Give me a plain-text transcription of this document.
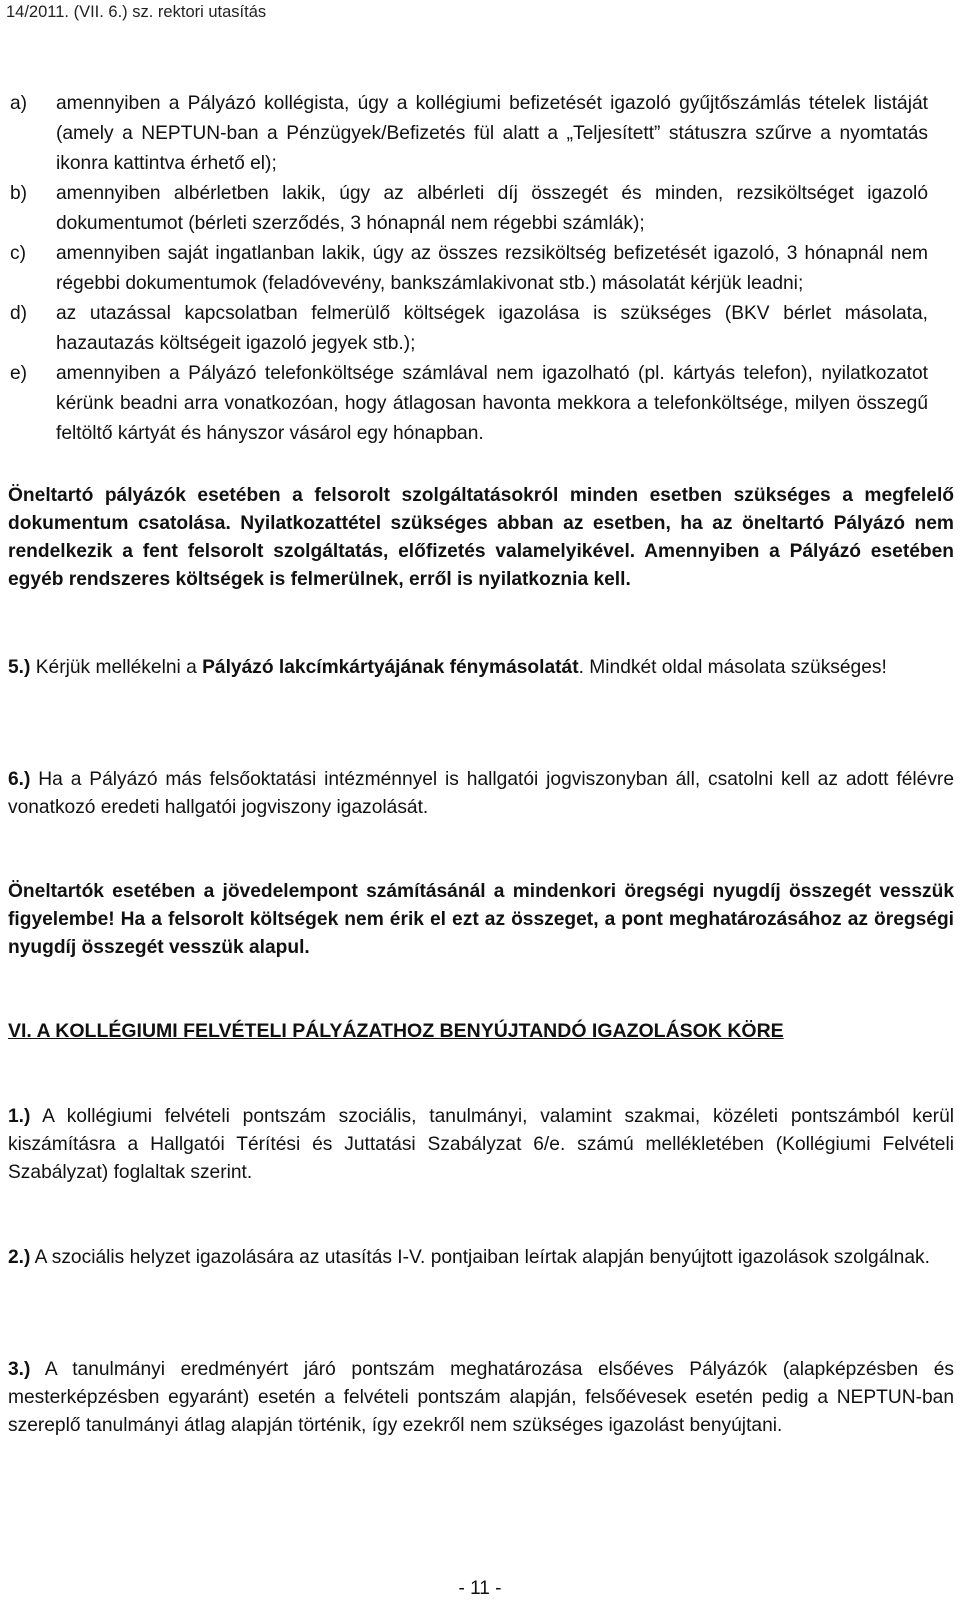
14/2011. (VII. 6.) sz. rektori utasítás
a)	amennyiben a Pályázó kollégista, úgy a kollégiumi befizetését igazoló gyűjtőszámlás tételek listáját (amely a NEPTUN-ban a Pénzügyek/Befizetés fül alatt a „Teljesített” státuszra szűrve a nyomtatás ikonra kattintva érhető el);
b)	amennyiben albérletben lakik, úgy az albérleti díj összegét és minden, rezsiköltséget igazoló dokumentumot (bérleti szerződés, 3 hónapnál nem régebbi számlák);
c)	amennyiben saját ingatlanban lakik, úgy az összes rezsiköltség befizetését igazoló, 3 hónapnál nem régebbi dokumentumok (feladóvevény, bankszámlakivonat stb.) másolatát kérjük leadni;
d)	az utazással kapcsolatban felmerülő költségek igazolása is szükséges (BKV bérlet másolata, hazautazás költségeit igazoló jegyek stb.);
e)	amennyiben a Pályázó telefonköltsége számlával nem igazolható (pl. kártyás telefon), nyilatkozatot kérünk beadni arra vonatkozóan, hogy átlagosan havonta mekkora a telefonköltsége, milyen összegű feltöltő kártyát és hányszor vásárol egy hónapban.

Öneltartó pályázók esetében a felsorolt szolgáltatásokról minden esetben szükséges a megfelelő dokumentum csatolása. Nyilatkozattétel szükséges abban az esetben, ha az öneltartó Pályázó nem rendelkezik a fent felsorolt szolgáltatás, előfizetés valamelyikével. Amennyiben a Pályázó esetében egyéb rendszeres költségek is felmerülnek, erről is nyilatkoznia kell.

5.) Kérjük mellékelni a Pályázó lakcímkártyájának fénymásolatát. Mindkét oldal másolata szükséges!

6.) Ha a Pályázó más felsőoktatási intézménnyel is hallgatói jogviszonyban áll, csatolni kell az adott félévre vonatkozó eredeti hallgatói jogviszony igazolását.

Öneltartók esetében a jövedelempont számításánál a mindenkori öregségi nyugdíj összegét vesszük figyelembe! Ha a felsorolt költségek nem érik el ezt az összeget, a pont meghatározásához az öregségi nyugdíj összegét vesszük alapul.

VI. A KOLLÉGIUMI FELVÉTELI PÁLYÁZATHOZ BENYÚJTANDÓ IGAZOLÁSOK KÖRE

1.) A kollégiumi felvételi pontszám szociális, tanulmányi, valamint szakmai, közéleti pontszámból kerül kiszámításra a Hallgatói Térítési és Juttatási Szabályzat 6/e. számú mellékletében (Kollégiumi Felvételi Szabályzat) foglaltak szerint.

2.) A szociális helyzet igazolására az utasítás I-V. pontjaiban leírtak alapján benyújtott igazolások szolgálnak.

3.) A tanulmányi eredményért járó pontszám meghatározása elsőéves Pályázók (alapképzésben és mesterképzésben egyaránt) esetén a felvételi pontszám alapján, felsőévesek esetén pedig a NEPTUN-ban szereplő tanulmányi átlag alapján történik, így ezekről nem szükséges igazolást benyújtani.

- 11 -
